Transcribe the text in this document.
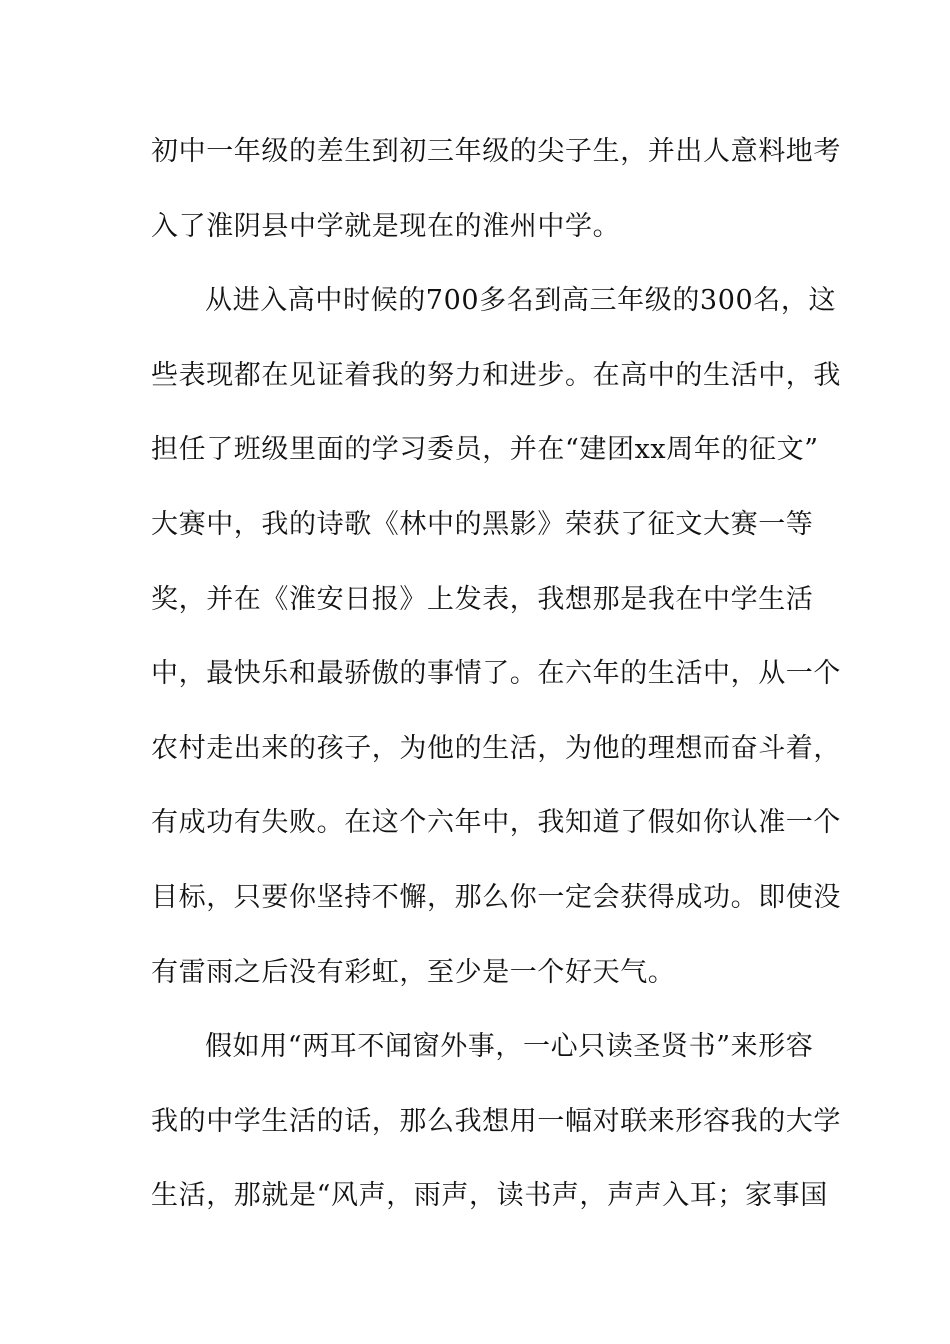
初中一年级的差生到初三年级的尖子生，并出人意料地考
入了淮阴县中学就是现在的淮州中学。
从进入高中时候的700多名到高三年级的300名，这
些表现都在见证着我的努力和进步。在高中的生活中，我
担任了班级里面的学习委员，并在“建团xx周年的征文”
大赛中，我的诗歌《林中的黑影》荣获了征文大赛一等
奖，并在《淮安日报》上发表，我想那是我在中学生活
中，最快乐和最骄傲的事情了。在六年的生活中，从一个
农村走出来的孩子，为他的生活，为他的理想而奋斗着，
有成功有失败。在这个六年中，我知道了假如你认准一个
目标，只要你坚持不懈，那么你一定会获得成功。即使没
有雷雨之后没有彩虹，至少是一个好天气。
假如用“两耳不闻窗外事，一心只读圣贤书”来形容
我的中学生活的话，那么我想用一幅对联来形容我的大学
生活，那就是“风声，雨声，读书声，声声入耳；家事国
